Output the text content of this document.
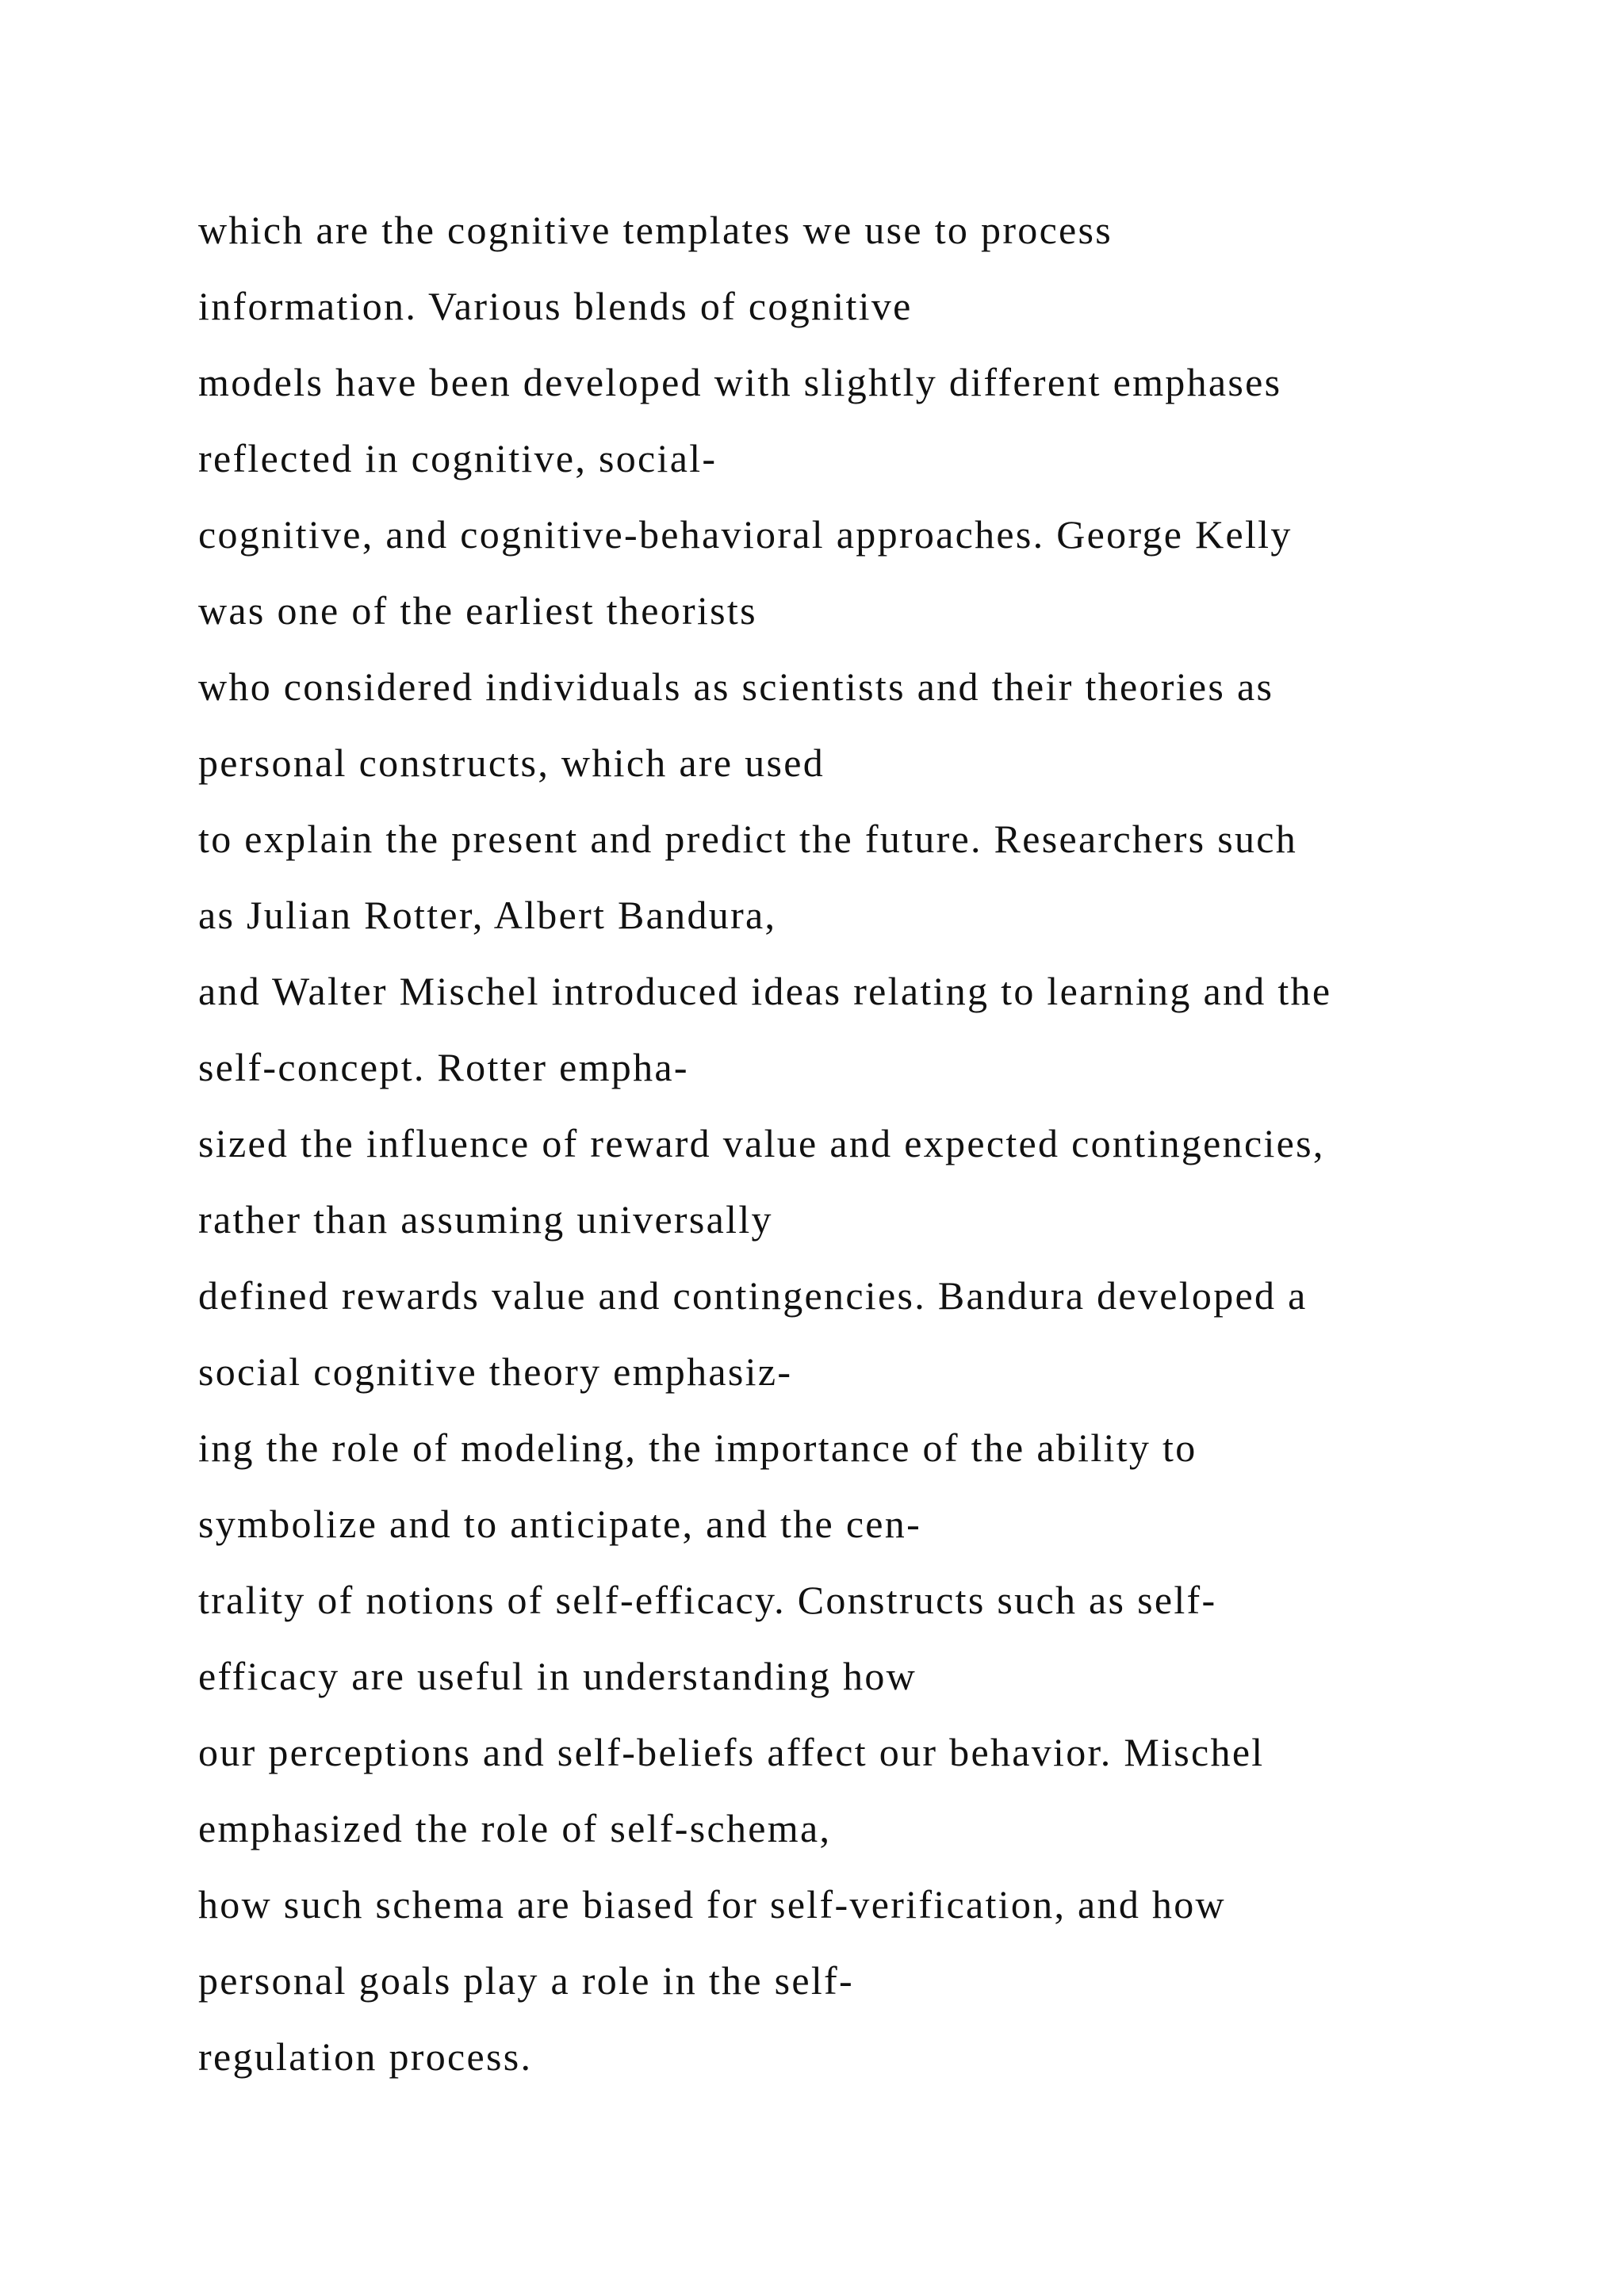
which are the cognitive templates we use to process
information. Various blends of cognitive
models have been developed with slightly different emphases
reflected in cognitive, social-
cognitive, and cognitive-behavioral approaches. George Kelly
was one of the earliest theorists
who considered individuals as scientists and their theories as
personal constructs, which are used
to explain the present and predict the future. Researchers such
as Julian Rotter, Albert Bandura,
and Walter Mischel introduced ideas relating to learning and the
self-concept. Rotter empha-
sized the influence of reward value and expected contingencies,
rather than assuming universally
defined rewards value and contingencies. Bandura developed a
social cognitive theory emphasiz-
ing the role of modeling, the importance of the ability to
symbolize and to anticipate, and the cen-
trality of notions of self-efficacy. Constructs such as self-
efficacy are useful in understanding how
our perceptions and self-beliefs affect our behavior. Mischel
emphasized the role of self-schema,
how such schema are biased for self-verification, and how
personal goals play a role in the self-
regulation process.
